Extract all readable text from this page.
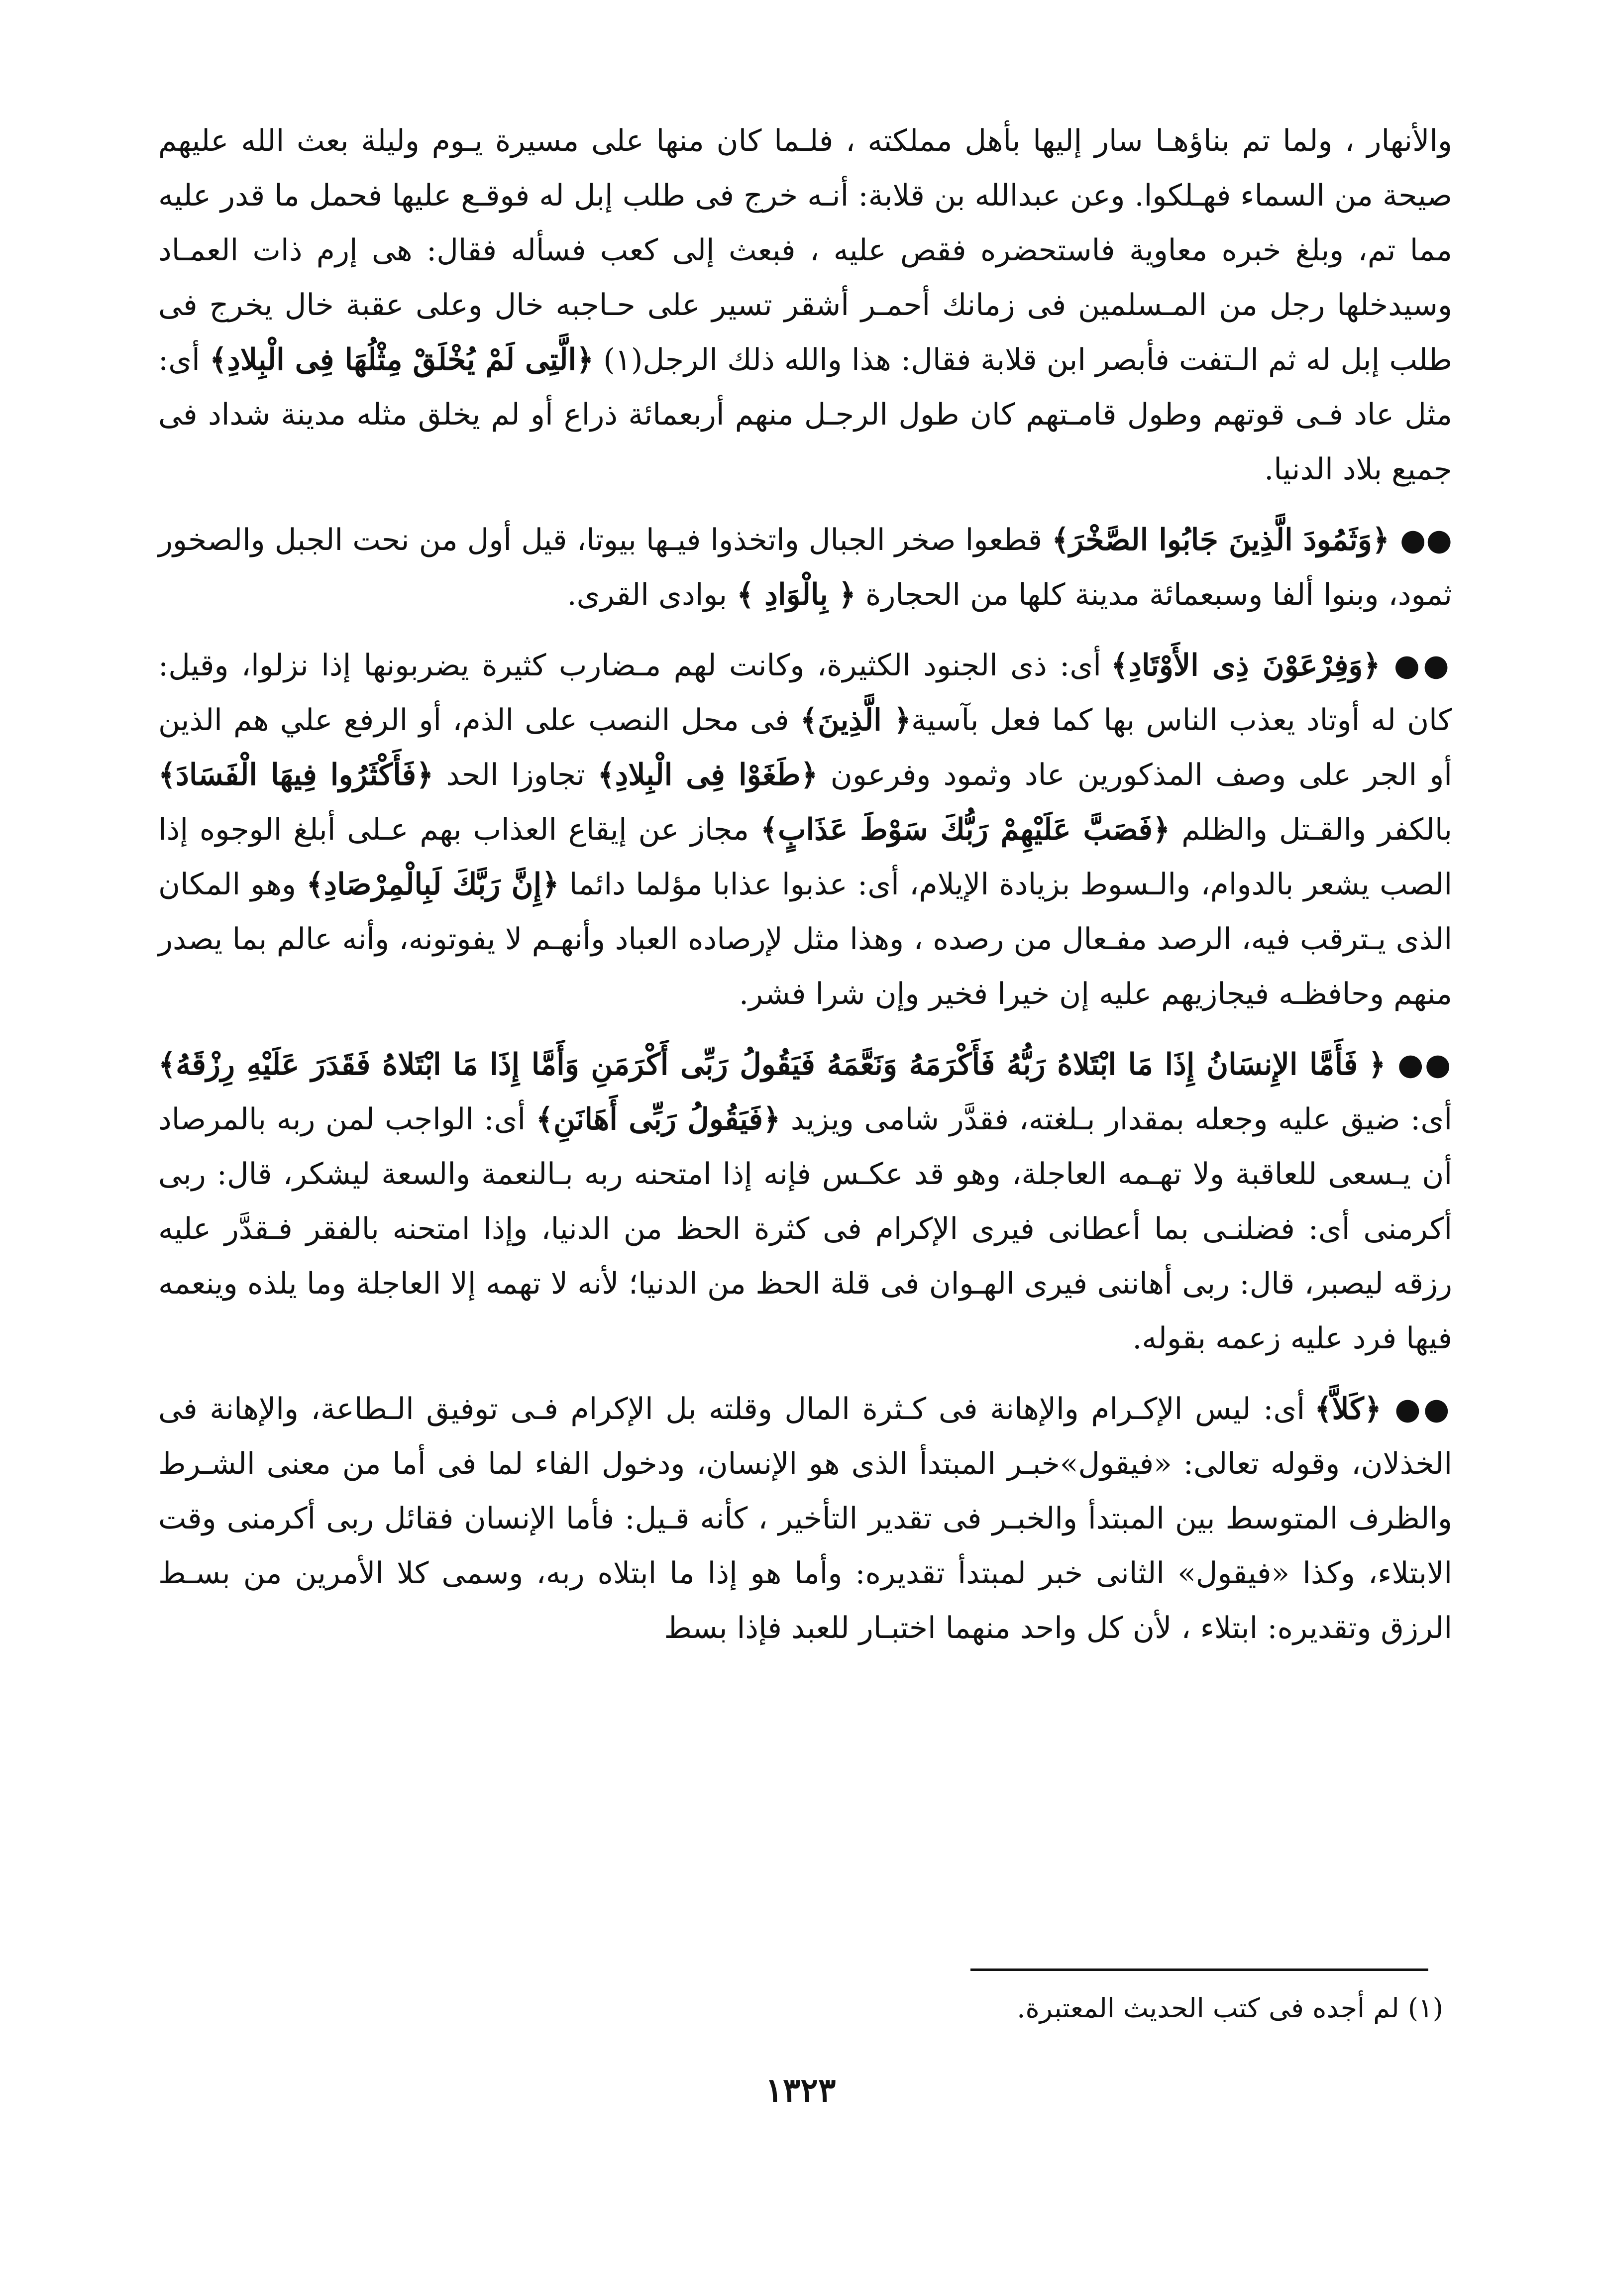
والأنهار ، ولما تم بناؤهـا سار إليها بأهل مملكته ، فلـما كان منها على مسيرة يـوم وليلة بعث الله عليهم صيحة من السماء فهـلكوا. وعن عبدالله بن قلابة: أنـه خرج فى طلب إبل له فوقـع عليها فحمل ما قدر عليه مما تم، وبلغ خبره معاوية فاستحضره فقص عليه ، فبعث إلى كعب فسأله فقال: هى إرم ذات العمـاد وسيدخلها رجل من المـسلمين فى زمانك أحمـر أشقر تسير على حـاجبه خال وعلى عقبة خال يخرج فى طلب إبل له ثم الـتفت فأبصر ابن قلابة فقال: هذا والله ذلك الرجل(١) ﴿الَّتِى لَمْ يُخْلَقْ مِثْلُهَا فِى الْبِلادِ﴾ أى: مثل عاد فـى قوتهم وطول قامـتهم كان طول الرجـل منهم أربعمائة ذراع أو لم يخلق مثله مدينة شداد فى جميع بلاد الدنيا.

●● ﴿وَثَمُودَ الَّذِينَ جَابُوا الصَّخْرَ﴾ قطعوا صخر الجبال واتخذوا فيـها بيوتا، قيل أول من نحت الجبل والصخور ثمود، وبنوا ألفا وسبعمائة مدينة كلها من الحجارة ﴿ بِالْوَادِ ﴾ بوادى القرى.

●● ﴿وَفِرْعَوْنَ ذِى الأَوْتَادِ﴾ أى: ذى الجنود الكثيرة، وكانت لهم مـضارب كثيرة يضربونها إذا نزلوا، وقيل: كان له أوتاد يعذب الناس بها كما فعل بآسية﴿ الَّذِينَ﴾ فى محل النصب على الذم، أو الرفع علي هم الذين أو الجر على وصف المذكورين عاد وثمود وفرعون ﴿طَغَوْا فِى الْبِلادِ﴾ تجاوزا الحد ﴿فَأَكْثَرُوا فِيهَا الْفَسَادَ﴾ بالكفر والقـتل والظلم ﴿فَصَبَّ عَلَيْهِمْ رَبُّكَ سَوْطَ عَذَابٍ﴾ مجاز عن إيقاع العذاب بهم عـلى أبلغ الوجوه إذا الصب يشعر بالدوام، والـسوط بزيادة الإيلام، أى: عذبوا عذابا مؤلما دائما ﴿إِنَّ رَبَّكَ لَبِالْمِرْصَادِ﴾ وهو المكان الذى يـترقب فيه، الرصد مفـعال من رصده ، وهذا مثل لإرصاده العباد وأنهـم لا يفوتونه، وأنه عالم بما يصدر منهم وحافظـه فيجازيهم عليه إن خيرا فخير وإن شرا فشر.

●● ﴿ فَأَمَّا الإِنسَانُ إِذَا مَا ابْتَلاهُ رَبُّهُ فَأَكْرَمَهُ وَنَعَّمَهُ فَيَقُولُ رَبِّى أَكْرَمَنِ وَأَمَّا إِذَا مَا ابْتَلاهُ فَقَدَرَ عَلَيْهِ رِزْقَهُ﴾ أى: ضيق عليه وجعله بمقدار بـلغته، فقدَّر شامى ويزيد ﴿فَيَقُولُ رَبِّى أَهَانَنِ﴾ أى: الواجب لمن ربه بالمرصاد أن يـسعى للعاقبة ولا تهـمه العاجلة، وهو قد عكـس فإنه إذا امتحنه ربه بـالنعمة والسعة ليشكر، قال: ربى أكرمنى أى: فضلنـى بما أعطانى فيرى الإكرام فى كثرة الحظ من الدنيا، وإذا امتحنه بالفقر فـقدَّر عليه رزقه ليصبر، قال: ربى أهاننى فيرى الهـوان فى قلة الحظ من الدنيا؛ لأنه لا تهمه إلا العاجلة وما يلذه وينعمه فيها فرد عليه زعمه بقوله.

●● ﴿كَلاَّ﴾ أى: ليس الإكـرام والإهانة فى كـثرة المال وقلته بل الإكرام فـى توفيق الـطاعة، والإهانة فى الخذلان، وقوله تعالى: «فيقول»خبـر المبتدأ الذى هو الإنسان، ودخول الفاء لما فى أما من معنى الشـرط والظرف المتوسط بين المبتدأ والخبـر فى تقدير التأخير ، كأنه قـيل: فأما الإنسان فقائل ربى أكرمنى وقت الابتلاء، وكذا «فيقول» الثانى خبر لمبتدأ تقديره: وأما هو إذا ما ابتلاه ربه، وسمى كلا الأمرين من بسـط الرزق وتقديره: ابتلاء ، لأن كل واحد منهما اختبـار للعبد فإذا بسط

(١) لم أجده فى كتب الحديث المعتبرة.
١٣٢٣
